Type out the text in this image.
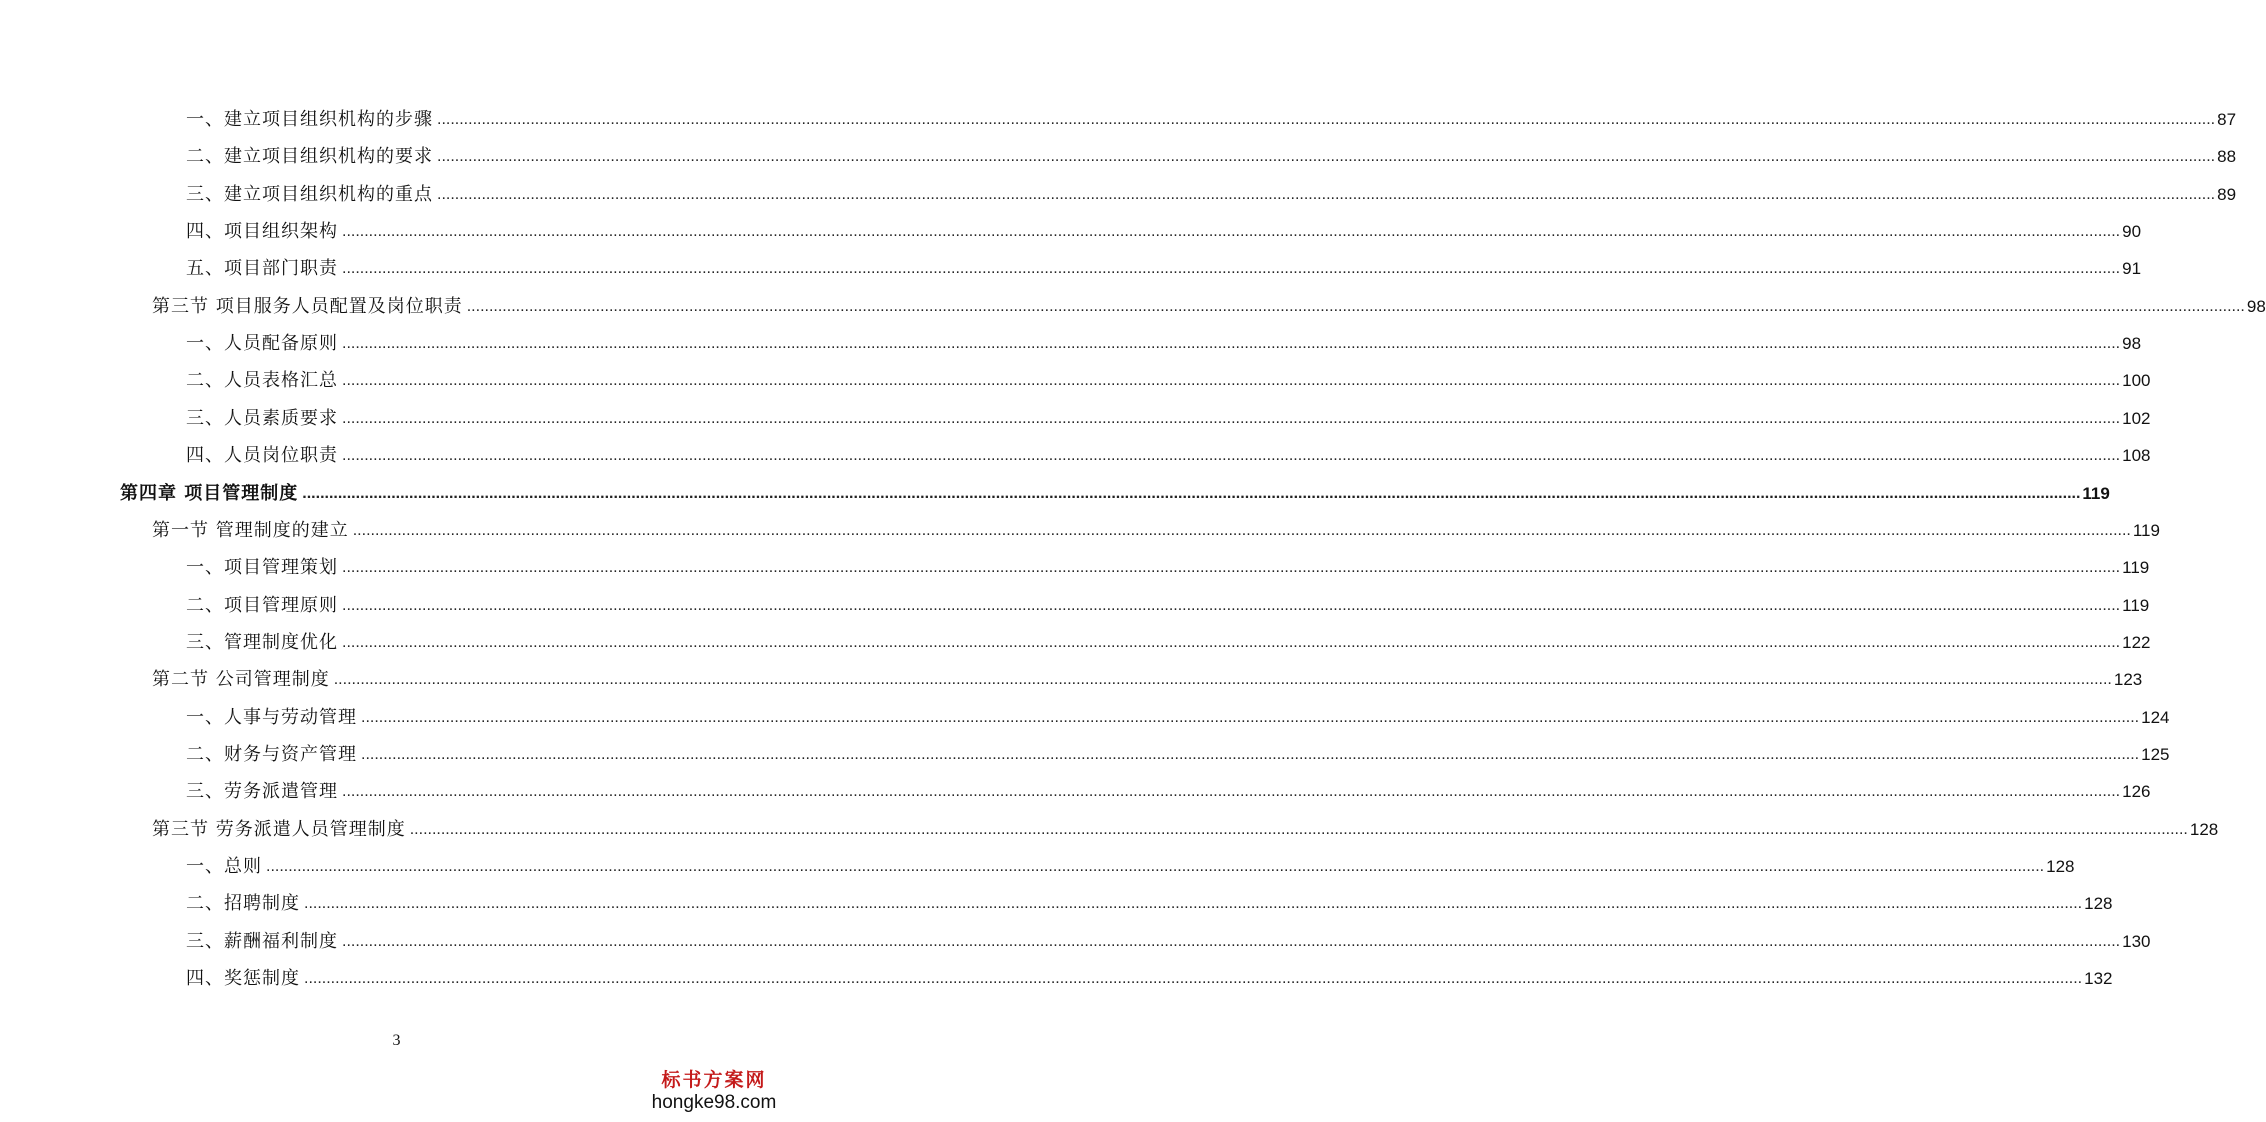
一、建立项目组织机构的步骤 ................................................................................................................................................................................................................................................................................................................................................................................................................ 87
二、建立项目组织机构的要求 ................................................................................................................................................................................................................................................................................................................................................................................................................ 88
三、建立项目组织机构的重点 ................................................................................................................................................................................................................................................................................................................................................................................................................ 89
四、项目组织架构 ................................................................................................................................................................................................................................................................................................................................................................................................................ 90
五、项目部门职责 ................................................................................................................................................................................................................................................................................................................................................................................................................ 91
第三节 项目服务人员配置及岗位职责 ................................................................................................................................................................................................................................................................................................................................................................................................................ 98
一、人员配备原则 ................................................................................................................................................................................................................................................................................................................................................................................................................ 98
二、人员表格汇总 ................................................................................................................................................................................................................................................................................................................................................................................................................ 100
三、人员素质要求 ................................................................................................................................................................................................................................................................................................................................................................................................................ 102
四、人员岗位职责 ................................................................................................................................................................................................................................................................................................................................................................................................................ 108
第四章 项目管理制度 ................................................................................................................................................................................................................................................................................................................................................................................................................ 119
第一节 管理制度的建立 ................................................................................................................................................................................................................................................................................................................................................................................................................ 119
一、项目管理策划 ................................................................................................................................................................................................................................................................................................................................................................................................................ 119
二、项目管理原则 ................................................................................................................................................................................................................................................................................................................................................................................................................ 119
三、管理制度优化 ................................................................................................................................................................................................................................................................................................................................................................................................................ 122
第二节 公司管理制度 ................................................................................................................................................................................................................................................................................................................................................................................................................ 123
一、人事与劳动管理 ................................................................................................................................................................................................................................................................................................................................................................................................................ 124
二、财务与资产管理 ................................................................................................................................................................................................................................................................................................................................................................................................................ 125
三、劳务派遣管理 ................................................................................................................................................................................................................................................................................................................................................................................................................ 126
第三节 劳务派遣人员管理制度 ................................................................................................................................................................................................................................................................................................................................................................................................................ 128
一、总则 ................................................................................................................................................................................................................................................................................................................................................................................................................ 128
二、招聘制度 ................................................................................................................................................................................................................................................................................................................................................................................................................ 128
三、薪酬福利制度 ................................................................................................................................................................................................................................................................................................................................................................................................................ 130
四、奖惩制度 ................................................................................................................................................................................................................................................................................................................................................................................................................ 132
3
标书方案网
hongke98.com
